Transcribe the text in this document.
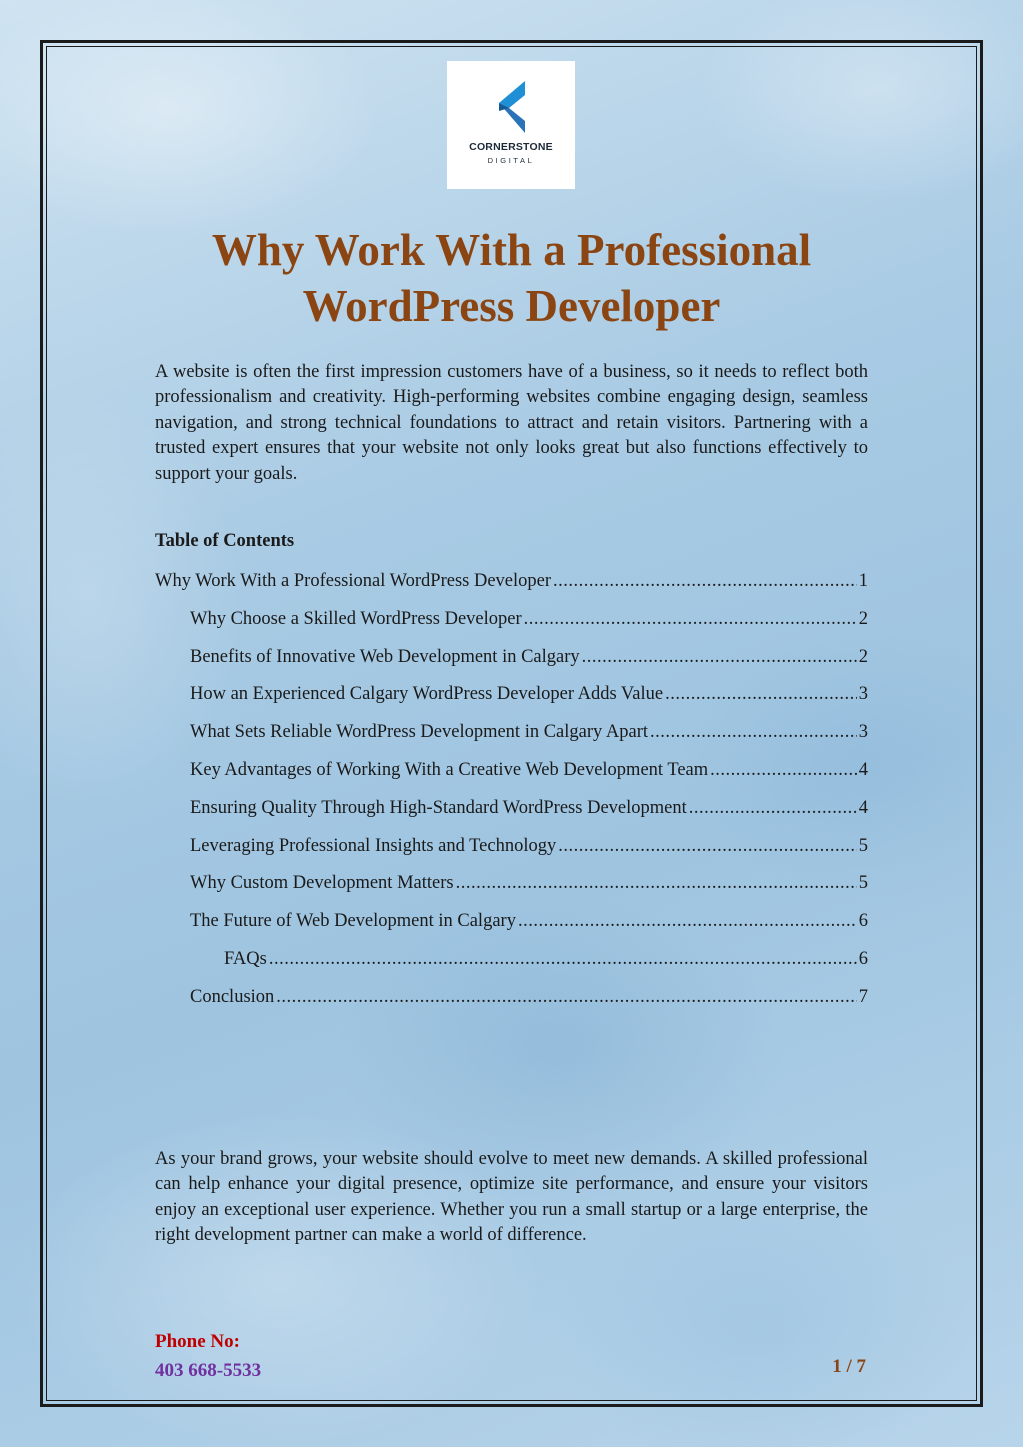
CORNERSTONE
DIGITAL
Why Work With a Professional WordPress Developer

A website is often the first impression customers have of a business, so it needs to reflect both professionalism and creativity. High-performing websites combine engaging design, seamless navigation, and strong technical foundations to attract and retain visitors. Partnering with a trusted expert ensures that your website not only looks great but also functions effectively to support your goals.

Table of Contents

Why Work With a Professional WordPress Developer .....	1
Why Choose a Skilled WordPress Developer .....	2
Benefits of Innovative Web Development in Calgary .....	2
How an Experienced Calgary WordPress Developer Adds Value .....	3
What Sets Reliable WordPress Development in Calgary Apart .....	3
Key Advantages of Working With a Creative Web Development Team .....	4
Ensuring Quality Through High-Standard WordPress Development .....	4
Leveraging Professional Insights and Technology .....	5
Why Custom Development Matters .....	5
The Future of Web Development in Calgary .....	6
FAQs .....	6
Conclusion .....	7

As your brand grows, your website should evolve to meet new demands. A skilled professional can help enhance your digital presence, optimize site performance, and ensure your visitors enjoy an exceptional user experience. Whether you run a small startup or a large enterprise, the right development partner can make a world of difference.

Phone No:

403 668-5533	1 / 7
